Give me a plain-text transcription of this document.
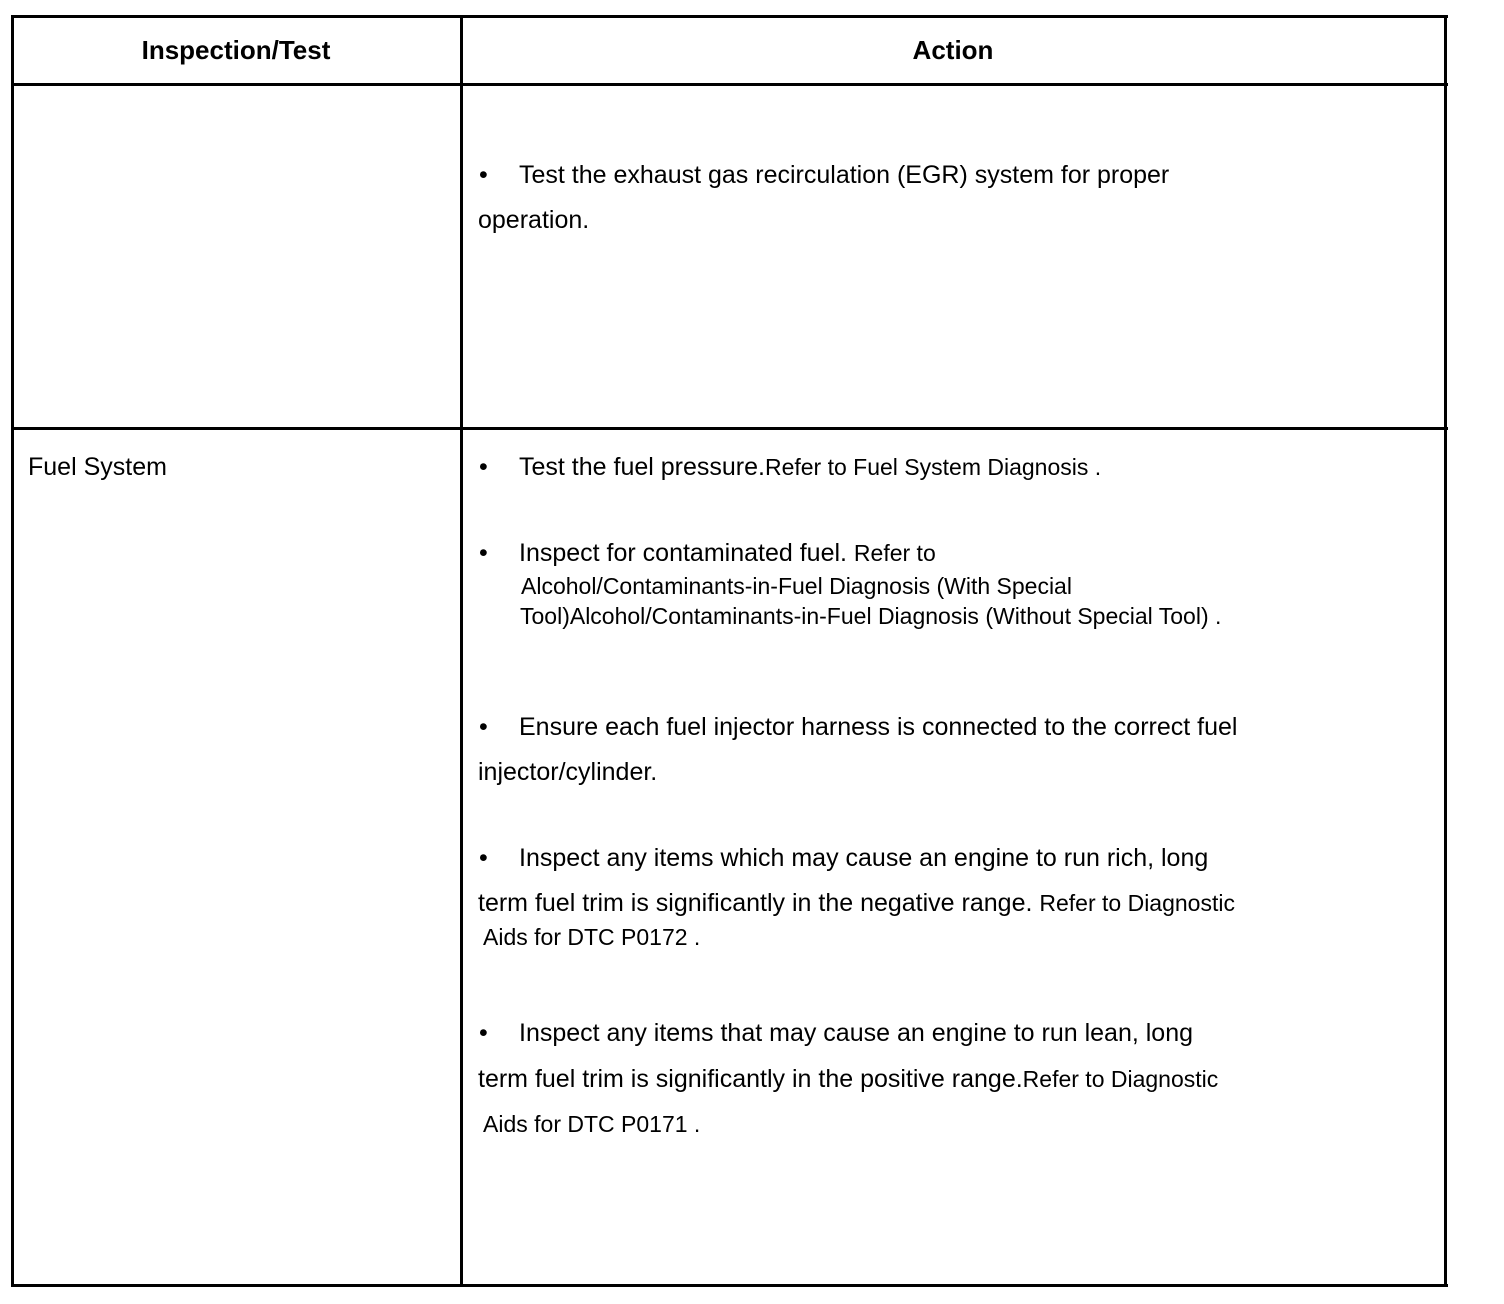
Inspection/Test	Action
• Test the exhaust gas recirculation (EGR) system for proper
operation.
Fuel System	• Test the fuel pressure.Refer to Fuel System Diagnosis .
• Inspect for contaminated fuel. Refer to
Alcohol/Contaminants-in-Fuel Diagnosis (With Special
Tool)Alcohol/Contaminants-in-Fuel Diagnosis (Without Special Tool) .
• Ensure each fuel injector harness is connected to the correct fuel
injector/cylinder.
• Inspect any items which may cause an engine to run rich, long
term fuel trim is significantly in the negative range. Refer to Diagnostic
Aids for DTC P0172 .
• Inspect any items that may cause an engine to run lean, long
term fuel trim is significantly in the positive range.Refer to Diagnostic
Aids for DTC P0171 .
